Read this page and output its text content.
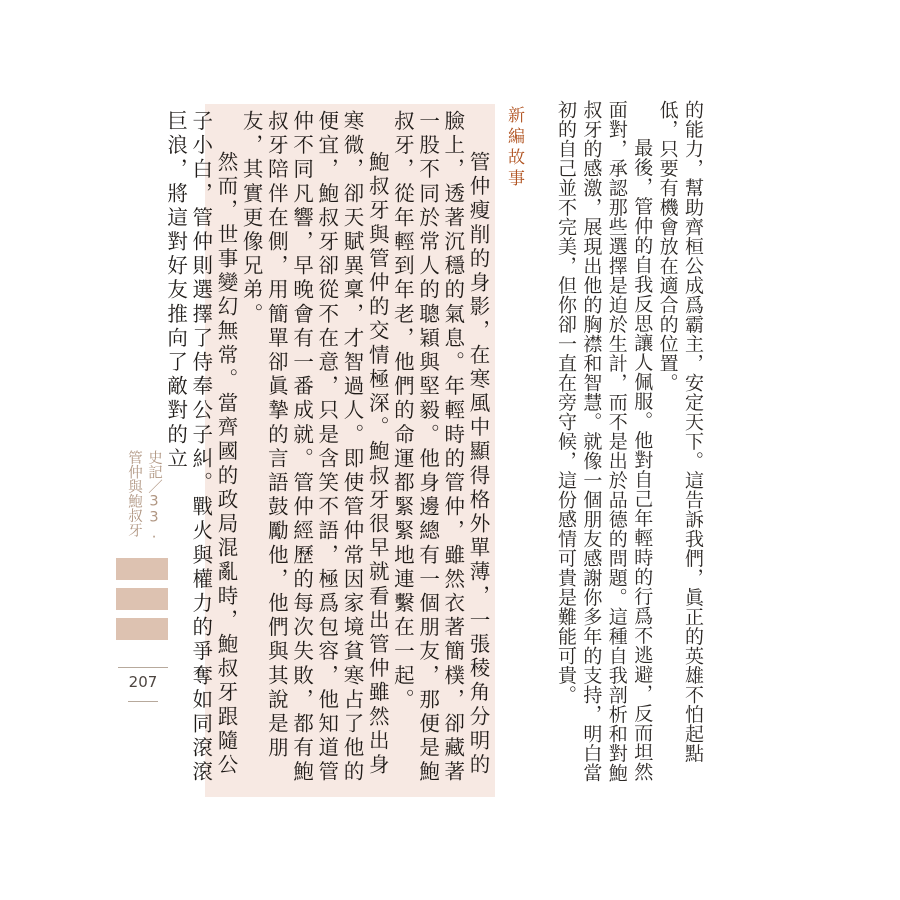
的能力，幫助齊桓公成爲霸主，安定天下。這告訴我們，眞正的英雄不怕起點低，只要有機會放在適合的位置。

最後，管仲的自我反思讓人佩服。他對自己年輕時的行爲不逃避，反而坦然面對，承認那些選擇是迫於生計，而不是出於品德的問題。這種自我剖析和對鮑叔牙的感激，展現出他的胸襟和智慧。就像一個朋友感謝你多年的支持，明白當初的自己並不完美，但你卻一直在旁守候，這份感情可貴是難能可貴。

新編故事

管仲瘦削的身影，在寒風中顯得格外單薄，一張稜角分明的臉上，透著沉穩的氣息。年輕時的管仲，雖然衣著簡樸，卻藏著一股不同於常人的聰穎與堅毅。他身邊總有一個朋友，那便是鮑叔牙，從年輕到年老，他們的命運都緊緊地連繫在一起。

鮑叔牙與管仲的交情極深。鮑叔牙很早就看出管仲雖然出身寒微，卻天賦異稟，才智過人。即使管仲常因家境貧寒占了他的便宜，鮑叔牙卻從不在意，只是含笑不語，極爲包容，他知道管仲不同凡響，早晚會有一番成就。管仲經歷的每次失敗，都有鮑叔牙陪伴在側，用簡單卻眞摯的言語鼓勵他，他們與其說是朋友，其實更像兄弟。

然而，世事變幻無常。當齊國的政局混亂時，鮑叔牙跟隨公子小白，管仲則選擇了侍奉公子糾。戰火與權力的爭奪如同滾滾巨浪，將這對好友推向了敵對的立

史記／33.管仲與鮑叔牙
207
